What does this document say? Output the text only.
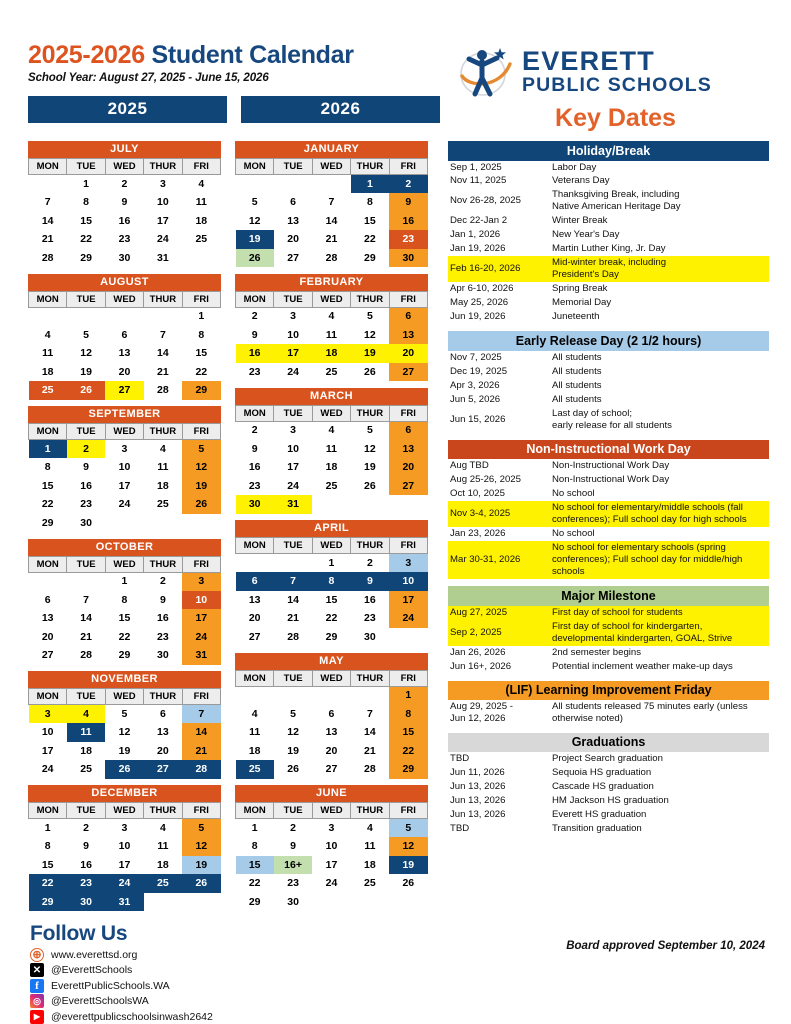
2025-2026 Student Calendar
School Year: August 27, 2025 - June 15, 2026
2025	2026
EVERETT
PUBLIC SCHOOLS
Key Dates
JULY
MON	TUE	WED	THUR	FRI
	1	2	3	4
7	8	9	10	11
14	15	16	17	18
21	22	23	24	25
28	29	30	31	
AUGUST
MON	TUE	WED	THUR	FRI
				1
4	5	6	7	8
11	12	13	14	15
18	19	20	21	22
25	26	27	28	29
SEPTEMBER
MON	TUE	WED	THUR	FRI
1	2	3	4	5
8	9	10	11	12
15	16	17	18	19
22	23	24	25	26
29	30			
OCTOBER
MON	TUE	WED	THUR	FRI
		1	2	3
6	7	8	9	10
13	14	15	16	17
20	21	22	23	24
27	28	29	30	31
NOVEMBER
MON	TUE	WED	THUR	FRI
3	4	5	6	7
10	11	12	13	14
17	18	19	20	21
24	25	26	27	28
DECEMBER
MON	TUE	WED	THUR	FRI
1	2	3	4	5
8	9	10	11	12
15	16	17	18	19
22	23	24	25	26
29	30	31		
JANUARY
MON	TUE	WED	THUR	FRI
			1	2
5	6	7	8	9
12	13	14	15	16
19	20	21	22	23
26	27	28	29	30
FEBRUARY
MON	TUE	WED	THUR	FRI
2	3	4	5	6
9	10	11	12	13
16	17	18	19	20
23	24	25	26	27
MARCH
MON	TUE	WED	THUR	FRI
2	3	4	5	6
9	10	11	12	13
16	17	18	19	20
23	24	25	26	27
30	31			
APRIL
MON	TUE	WED	THUR	FRI
		1	2	3
6	7	8	9	10
13	14	15	16	17
20	21	22	23	24
27	28	29	30	
MAY
MON	TUE	WED	THUR	FRI
				1
4	5	6	7	8
11	12	13	14	15
18	19	20	21	22
25	26	27	28	29
JUNE
MON	TUE	WED	THUR	FRI
1	2	3	4	5
8	9	10	11	12
15	16+	17	18	19
22	23	24	25	26
29	30			
Holiday/Break
Sep 1, 2025	Labor Day
Nov 11, 2025	Veterans Day
Nov 26-28, 2025	Thanksgiving Break, including
Native American Heritage Day
Dec 22-Jan 2	Winter Break
Jan 1, 2026	New Year's Day
Jan 19, 2026	Martin Luther King, Jr. Day
Feb 16-20, 2026	Mid-winter break, including
President's Day
Apr 6-10, 2026	Spring Break
May 25, 2026	Memorial Day
Jun 19, 2026	Juneteenth
Early Release Day (2 1/2 hours)
Nov 7, 2025	All students
Dec 19, 2025	All students
Apr 3, 2026	All students
Jun 5, 2026	All students
Jun 15, 2026	Last day of school;
early release for all students
Non-Instructional Work Day
Aug TBD	Non-Instructional Work Day
Aug 25-26, 2025	Non-Instructional Work Day
Oct 10, 2025	No school
Nov 3-4, 2025	No school for elementary/middle schools (fall
conferences); Full school day for high schools
Jan 23, 2026	No school
Mar 30-31, 2026	No school for elementary schools (spring
conferences); Full school day for middle/high
schools
Major Milestone
Aug 27, 2025	First day of school for students
Sep 2, 2025	First day of school for kindergarten,
developmental kindergarten, GOAL, Strive
Jan 26, 2026	2nd semester begins
Jun 16+, 2026	Potential inclement weather make-up days
(LIF) Learning Improvement Friday
Aug 29, 2025 -
Jun 12, 2026	All students released 75 minutes early (unless
otherwise noted)
Graduations
TBD	Project Search graduation
Jun 11, 2026	Sequoia HS graduation
Jun 13, 2026	Cascade HS graduation
Jun 13, 2026	HM Jackson HS graduation
Jun 13, 2026	Everett HS graduation
TBD	Transition graduation
Follow Us
⊕ www.everettsd.org
✕ @EverettSchools
f	EverettPublicSchools.WA
◎ @EverettSchoolsWA
▶	@everettpublicschoolsinwash2642
Board approved September 10, 2024
